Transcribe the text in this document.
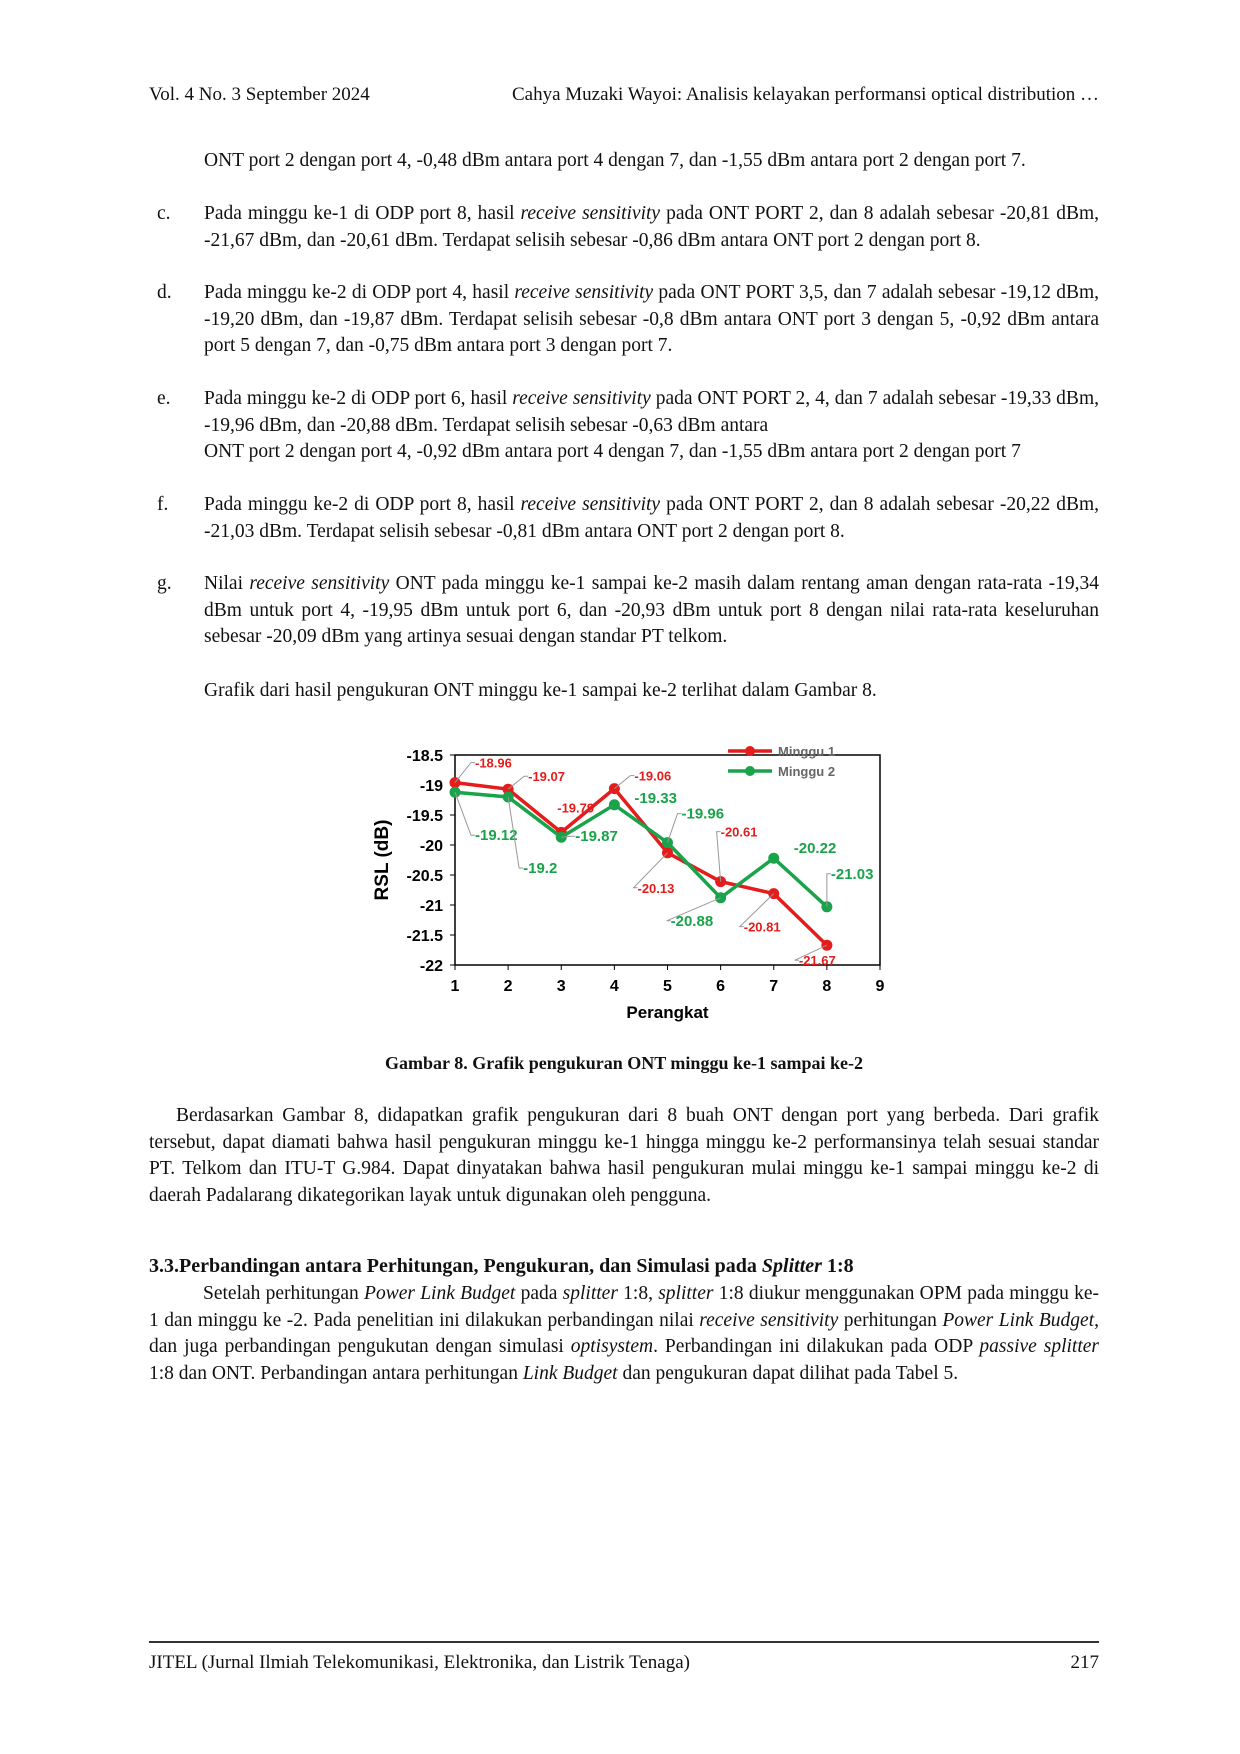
Vol. 4 No. 3 September 2024	Cahya Muzaki Wayoi: Analisis kelayakan performansi optical distribution …
ONT port 2 dengan port 4, -0,48 dBm antara port 4 dengan 7, dan -1,55 dBm antara port 2 dengan port 7.
c. Pada minggu ke-1 di ODP port 8, hasil receive sensitivity pada ONT PORT 2, dan 8 adalah sebesar -20,81 dBm, -21,67 dBm, dan -20,61 dBm. Terdapat selisih sebesar -0,86 dBm antara ONT port 2 dengan port 8.
d. Pada minggu ke-2 di ODP port 4, hasil receive sensitivity pada ONT PORT 3,5, dan 7 adalah sebesar -19,12 dBm, -19,20 dBm, dan -19,87 dBm. Terdapat selisih sebesar -0,8 dBm antara ONT port 3 dengan 5, -0,92 dBm antara port 5 dengan 7, dan -0,75 dBm antara port 3 dengan port 7.
e. Pada minggu ke-2 di ODP port 6, hasil receive sensitivity pada ONT PORT 2, 4, dan 7 adalah sebesar -19,33 dBm, -19,96 dBm, dan -20,88 dBm. Terdapat selisih sebesar -0,63 dBm antara
ONT port 2 dengan port 4, -0,92 dBm antara port 4 dengan 7, dan -1,55 dBm antara port 2 dengan port 7
f. Pada minggu ke-2 di ODP port 8, hasil receive sensitivity pada ONT PORT 2, dan 8 adalah sebesar -20,22 dBm, -21,03 dBm. Terdapat selisih sebesar -0,81 dBm antara ONT port 2 dengan port 8.
g. Nilai receive sensitivity ONT pada minggu ke-1 sampai ke-2 masih dalam rentang aman dengan rata-rata -19,34 dBm untuk port 4, -19,95 dBm untuk port 6, dan -20,93 dBm untuk port 8 dengan nilai rata-rata keseluruhan sebesar -20,09 dBm yang artinya sesuai dengan standar PT telkom.
Grafik dari hasil pengukuran ONT minggu ke-1 sampai ke-2 terlihat dalam Gambar 8.
1	2	3	4	5	6	7	8	9
-18.5
-19
-19.5
-20
-20.5
-21
-21.5
-22
Perangkat
RSL (dB)
-18.96
-19.07
-19.79
-19.06
-20.13
-20.61
-20.81
-21.67
-19.12
-19.2
-19.87
-19.33
-19.96
-20.88
-20.22
-21.03
Minggu 1
Minggu 2
Gambar 8. Grafik pengukuran ONT minggu ke-1 sampai ke-2
Berdasarkan Gambar 8, didapatkan grafik pengukuran dari 8 buah ONT dengan port yang berbeda. Dari grafik tersebut, dapat diamati bahwa hasil pengukuran minggu ke-1 hingga minggu ke-2 performansinya telah sesuai standar PT. Telkom dan ITU-T G.984. Dapat dinyatakan bahwa hasil pengukuran mulai minggu ke-1 sampai minggu ke-2 di daerah Padalarang dikategorikan layak untuk digunakan oleh pengguna.
3.3.Perbandingan antara Perhitungan, Pengukuran, dan Simulasi pada Splitter 1:8
Setelah perhitungan Power Link Budget pada splitter 1:8, splitter 1:8 diukur menggunakan OPM pada minggu ke-1 dan minggu ke -2. Pada penelitian ini dilakukan perbandingan nilai receive sensitivity perhitungan Power Link Budget, dan juga perbandingan pengukutan dengan simulasi optisystem. Perbandingan ini dilakukan pada ODP passive splitter 1:8 dan ONT. Perbandingan antara perhitungan Link Budget dan pengukuran dapat dilihat pada Tabel 5.
JITEL (Jurnal Ilmiah Telekomunikasi, Elektronika, dan Listrik Tenaga)	217
